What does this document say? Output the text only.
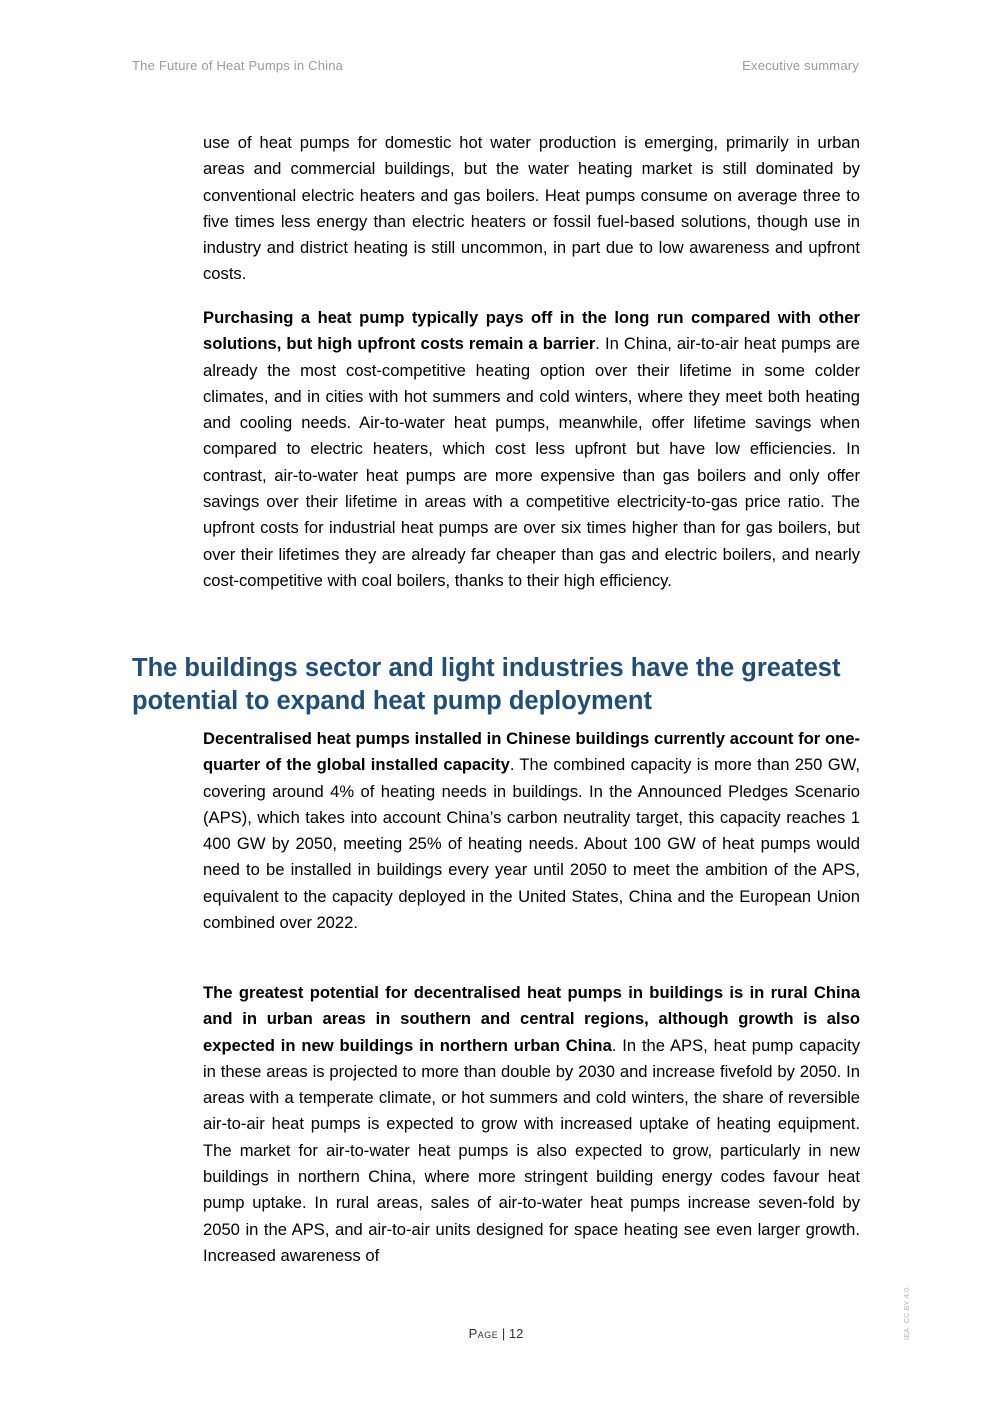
The Future of Heat Pumps in China	Executive summary

use of heat pumps for domestic hot water production is emerging, primarily in urban areas and commercial buildings, but the water heating market is still dominated by conventional electric heaters and gas boilers. Heat pumps consume on average three to five times less energy than electric heaters or fossil fuel-based solutions, though use in industry and district heating is still uncommon, in part due to low awareness and upfront costs.

Purchasing a heat pump typically pays off in the long run compared with other solutions, but high upfront costs remain a barrier. In China, air-to-air heat pumps are already the most cost-competitive heating option over their lifetime in some colder climates, and in cities with hot summers and cold winters, where they meet both heating and cooling needs. Air-to-water heat pumps, meanwhile, offer lifetime savings when compared to electric heaters, which cost less upfront but have low efficiencies. In contrast, air-to-water heat pumps are more expensive than gas boilers and only offer savings over their lifetime in areas with a competitive electricity-to-gas price ratio. The upfront costs for industrial heat pumps are over six times higher than for gas boilers, but over their lifetimes they are already far cheaper than gas and electric boilers, and nearly cost-competitive with coal boilers, thanks to their high efficiency.

The buildings sector and light industries have the greatest potential to expand heat pump deployment

Decentralised heat pumps installed in Chinese buildings currently account for one-quarter of the global installed capacity. The combined capacity is more than 250 GW, covering around 4% of heating needs in buildings. In the Announced Pledges Scenario (APS), which takes into account China’s carbon neutrality target, this capacity reaches 1 400 GW by 2050, meeting 25% of heating needs. About 100 GW of heat pumps would need to be installed in buildings every year until 2050 to meet the ambition of the APS, equivalent to the capacity deployed in the United States, China and the European Union combined over 2022.

The greatest potential for decentralised heat pumps in buildings is in rural China and in urban areas in southern and central regions, although growth is also expected in new buildings in northern urban China. In the APS, heat pump capacity in these areas is projected to more than double by 2030 and increase fivefold by 2050. In areas with a temperate climate, or hot summers and cold winters, the share of reversible air-to-air heat pumps is expected to grow with increased uptake of heating equipment. The market for air-to-water heat pumps is also expected to grow, particularly in new buildings in northern China, where more stringent building energy codes favour heat pump uptake. In rural areas, sales of air-to-water heat pumps increase seven-fold by 2050 in the APS, and air-to-air units designed for space heating see even larger growth. Increased awareness of

Page | 12	IEA. CC BY 4.0.
